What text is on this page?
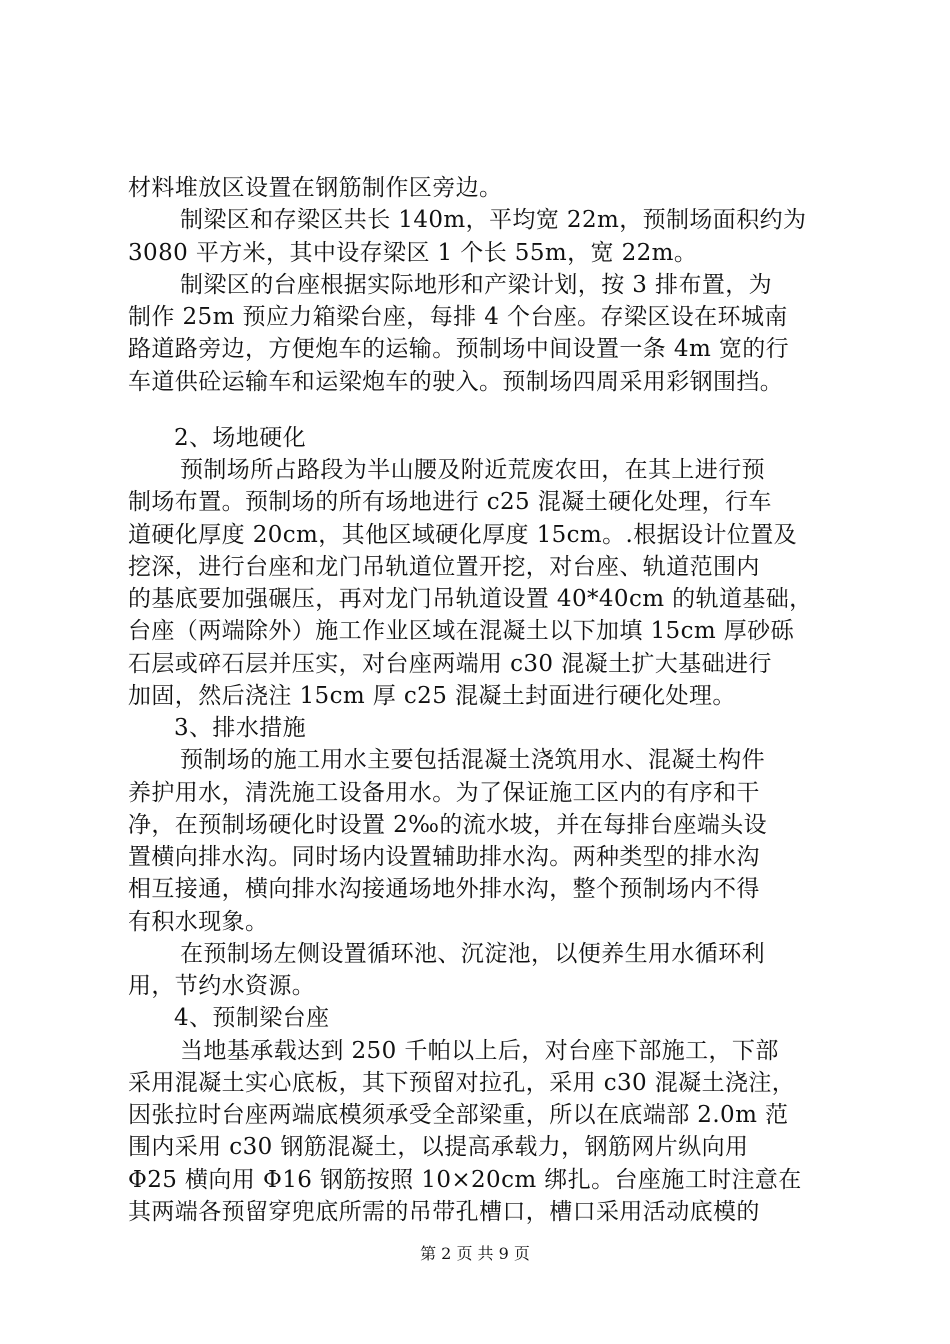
材料堆放区设置在钢筋制作区旁边。
制梁区和存梁区共长 140m，平均宽 22m，预制场面积约为
3080 平方米，其中设存梁区 1 个长 55m，宽 22m。
制梁区的台座根据实际地形和产梁计划，按 3 排布置，为
制作 25m 预应力箱梁台座，每排 4 个台座。存梁区设在环城南
路道路旁边，方便炮车的运输。预制场中间设置一条 4m 宽的行
车道供砼运输车和运梁炮车的驶入。预制场四周采用彩钢围挡。
2、场地硬化
预制场所占路段为半山腰及附近荒废农田，在其上进行预
制场布置。预制场的所有场地进行 c25 混凝土硬化处理，行车
道硬化厚度 20cm，其他区域硬化厚度 15cm。.根据设计位置及
挖深，进行台座和龙门吊轨道位置开挖，对台座、轨道范围内
的基底要加强碾压，再对龙门吊轨道设置 40*40cm 的轨道基础，
台座（两端除外）施工作业区域在混凝土以下加填 15cm 厚砂砾
石层或碎石层并压实，对台座两端用 c30 混凝土扩大基础进行
加固，然后浇注 15cm 厚 c25 混凝土封面进行硬化处理。
3、排水措施
预制场的施工用水主要包括混凝土浇筑用水、混凝土构件
养护用水，清洗施工设备用水。为了保证施工区内的有序和干
净，在预制场硬化时设置 2‰的流水坡，并在每排台座端头设
置横向排水沟。同时场内设置辅助排水沟。两种类型的排水沟
相互接通，横向排水沟接通场地外排水沟，整个预制场内不得
有积水现象。
在预制场左侧设置循环池、沉淀池，以便养生用水循环利
用，节约水资源。
4、预制梁台座
当地基承载达到 250 千帕以上后，对台座下部施工，下部
采用混凝土实心底板，其下预留对拉孔，采用 c30 混凝土浇注，
因张拉时台座两端底模须承受全部梁重，所以在底端部 2.0m 范
围内采用 c30 钢筋混凝土，以提高承载力，钢筋网片纵向用
Φ25 横向用 Φ16 钢筋按照 10×20cm 绑扎。台座施工时注意在
其两端各预留穿兜底所需的吊带孔槽口，槽口采用活动底模的
第 2 页 共 9 页
